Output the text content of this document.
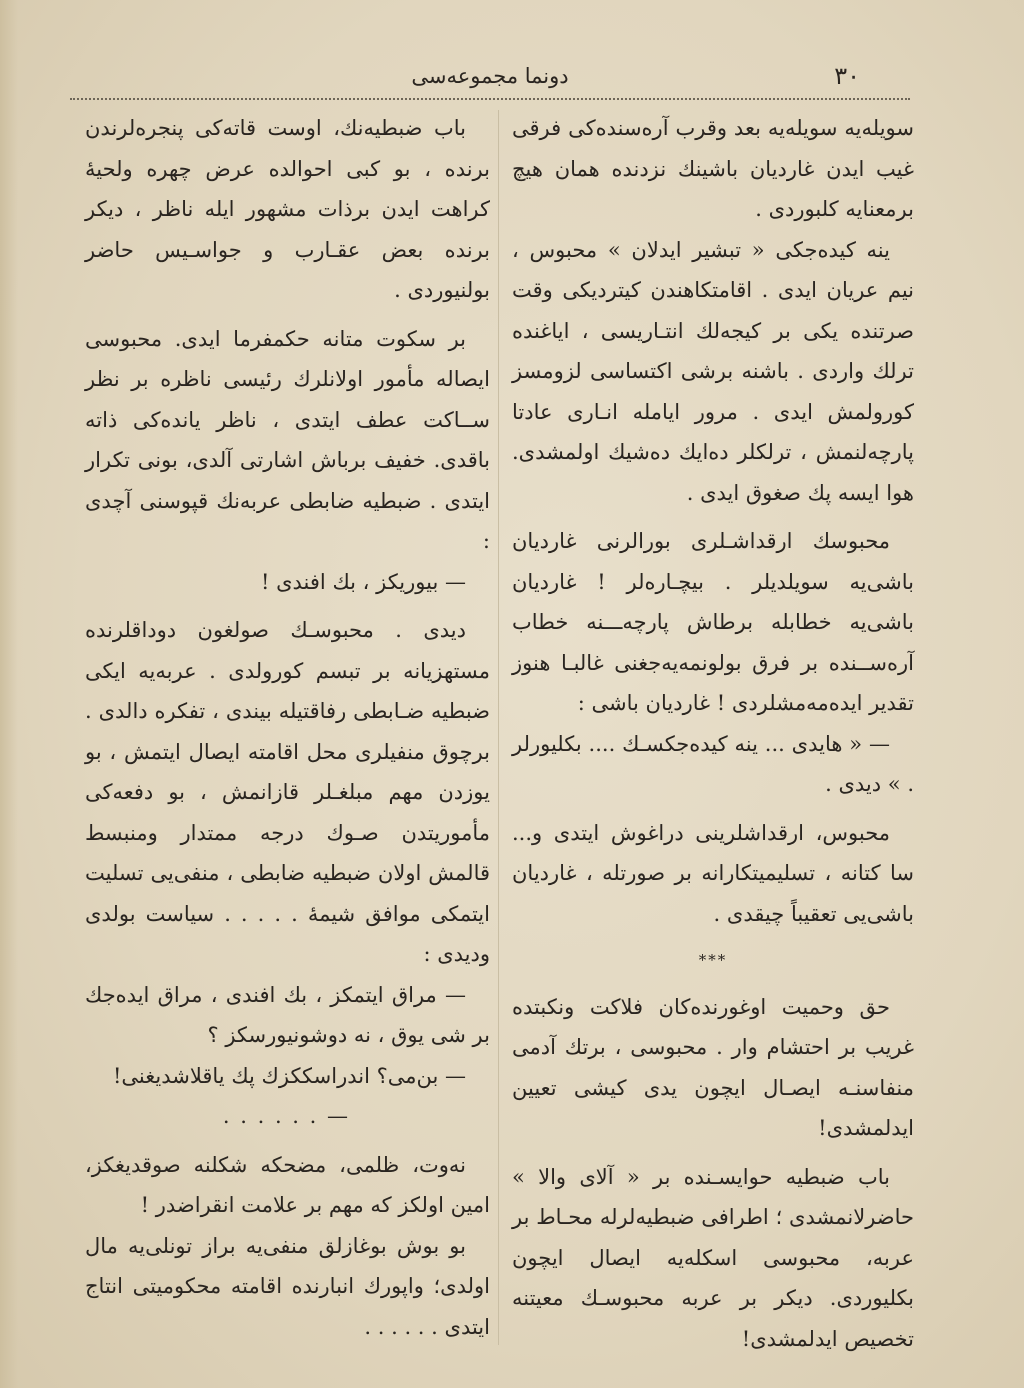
۳۰
دونما مجموعه‌سی

سویله‌یه سویله‌یه بعد وقرب آره‌سنده‌کی فرقی غیب ایدن غاردیان باشینك نزدنده همان هیچ برمعنایه کلبوردی .

ینه کیده‌جکی « تبشیر ایدلان » محبوس ، نیم عریان ایدی . اقامتکاهندن کیتردیکی وقت صرتنده یکی بر کیجه‌لك انتـاریسی ، ایاغنده ترلك واردی . باشنه برشی اکتساسی لزومسز کورولمش ایدی . مرور ایامله انـاری عادتا پارچه‌لنمش ، ترلکلر ده‌ایك ده‌شیك اولمشدی. هوا ایسه پك صغوق ایدی .

محبوسك ارقداشـلری بورالرنی غاردیان باشی‌یه سویلدیلر . بیچـاره‌لر ! غاردیان باشی‌یه خطابله برطاش پارچه‌ـــنه خطاب آره‌ســنده بر فرق بولونمه‌یه‌جغنی غالبـا هنوز تقدیر ایده‌مه‌مشلردی ! غاردیان باشی :

— « هایدی ... ینه کیده‌جکسـك .... بکلیورلر . » دیدی .

محبوس، ارقداشلرینی دراغوش ایتدی و... سا کتانه ، تسلیمیتکارانه بر صورتله ، غاردیان باشی‌یی تعقیباً چیقدی .

***

حق وحمیت اوغورنده‌کان فلاکت ونکبتده غریب بر احتشام وار . محبوسی ، برتك آدمی منفاسنـه ایصـال ایچون یدی کیشی تعیین ایدلمشدی!

باب ضبطیه حوایسـنده بر « آلای والا » حاضرلانمشدی ؛ اطرافی ضبطیه‌لرله محـاط بر عربه، محبوسی اسکله‌یه ایصال ایچون بکلیوردی. دیکر بر عربه محبوسـك معیتنه تخصیص ایدلمشدی!

باب ضبطیه‌نك، اوست قاته‌کی پنجره‌لرندن برنده ، بو کبی احوالده عرض چهره ولحیهٔ کراهت ایدن برذات مشهور ایله ناظر ، دیکر برنده بعض عقـارب و جواسـیس حاضر بولنیوردی .

بر سکوت متانه حکمفرما ایدی. محبوسی ایصاله مأمور اولانلرك رئیسی ناظره بر نظر ســاکت عطف ایتدی ، ناظر یانده‌کی ذاته باقدی. خفیف برباش اشارتی آلدی، بونی تکرار ایتدی . ضبطیه ضابطی عربه‌نك قپوسنی آچدی :

— بیوریکز ، بك افندی !

دیدی . محبوسـك صولغون دوداقلرنده مستهزیانه بر تبسم کورولدی . عربه‌یه ایکی ضبطیه ضـابطی رفاقتیله بیندی ، تفکره دالدی . برچوق منفیلری محل اقامته ایصال ایتمش ، بو یوزدن مهم مبلغـلر قازانمش ، بو دفعه‌کی مأموریتدن صـوك درجه ممتدار ومنبسط قالمش اولان ضبطیه ضابطی ، منفی‌یی تسلیت ایتمکی موافق شیمهٔ . . . . . سیاست بولدی ودیدی :

— مراق ایتمکز ، بك افندی ، مراق ایده‌جك بر شی یوق ، نه دوشونیورسکز ؟

— بن‌می؟ اندراسککزك پك یاقلاشدیغنی!

— . . . . . .

نه‌وت، ظلمی، مضحکه شکلنه صوقدیغکز، امین اولکز که مهم بر علامت انقراضدر !

بو بوش بوغازلق منفی‌یه براز تونلی‌یه مال اولدی؛ واپورك انبارنده اقامته محکومیتی انتاج ایتدی . . . . . .
